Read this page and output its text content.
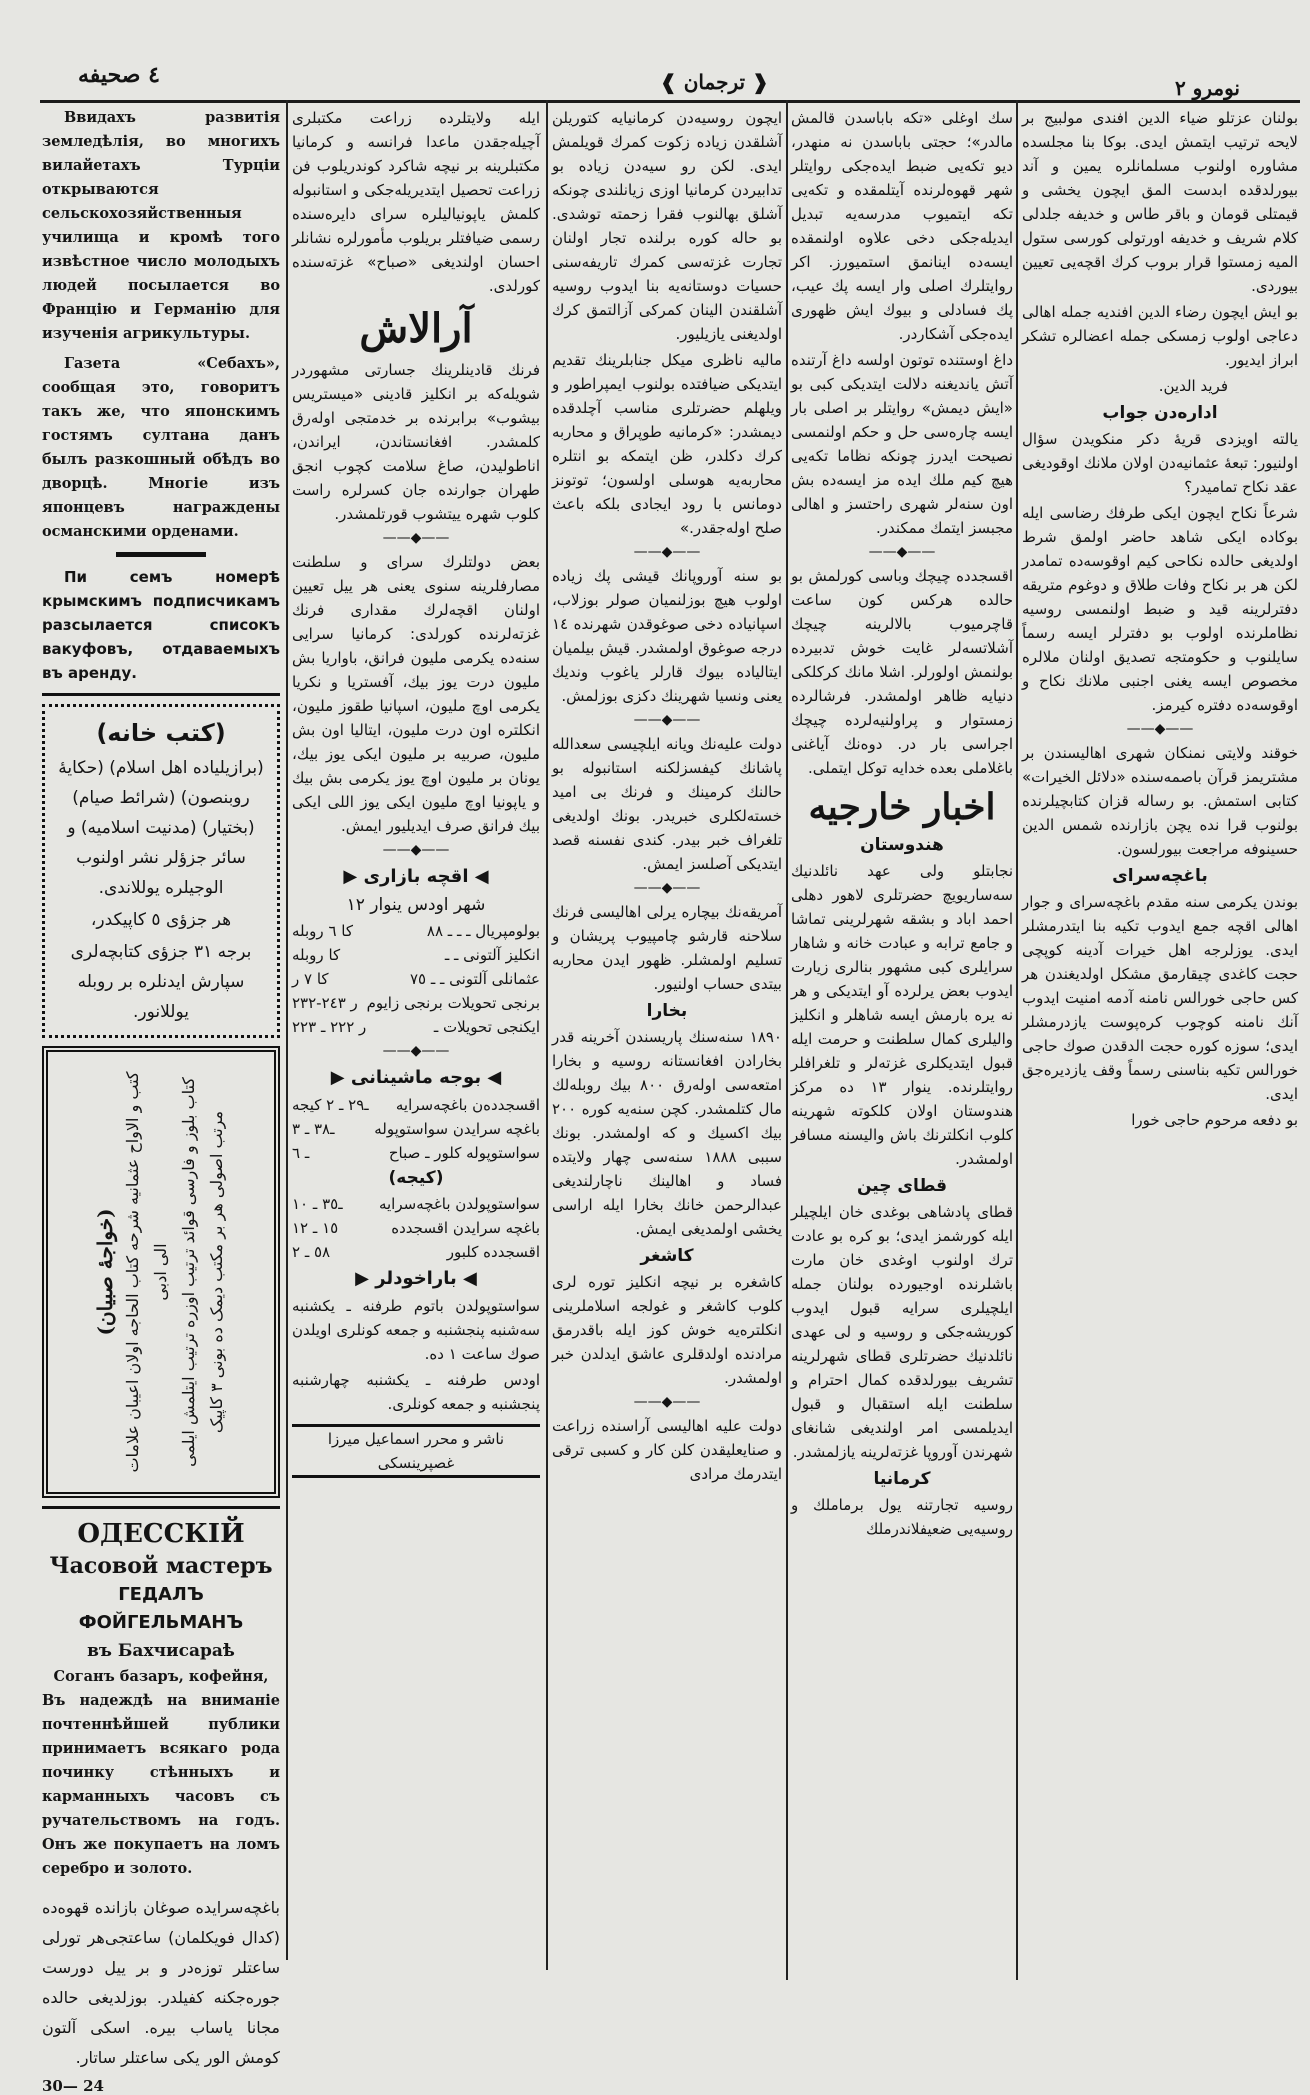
٤ صحیفه	❰ ترجمان ❱	نومرو ٢

Ввидахъ развитія земледѣлія, во многихъ вилайетахъ Турціи открываются сельскохозяйственныя училища и кромѣ того извѣстное число молодыхъ людей посылается во Францію и Германію для изученія агрикультуры.

Газета «Себахъ», сообщая это, говоритъ такъ же, что японскимъ гостямъ султана данъ былъ разкошный обѣдъ во дворцѣ. Многіе изъ японцевъ награждены османскими орденами.

Пи семъ номерѣ крымскимъ подписчикамъ разсылается списокъ вакуфовъ, отдаваемыхъ въ аренду.

(کتب خانه)

(برازیلیاده اهل اسلام) (حکایهٔ روبنصون) (شرائط صیام) (بختیار) (مدنیت اسلامیه) و سائر جزؤلر نشر اولنوب الوجیلره یوللاندی.

هر جزؤی ٥ کاپیکدر،

برجه ٣١ جزؤی کتابچه‌لری سپارش ایدنلره بر روبله یوللانور.

(خواجهٔ صبیان) کتب و الاواح عثمانیه شرحه کتاب الحاجه اولان اعیبان علامات الی ادبی کتاب بلوز و فارسی قوائد ترتیب اوزره ترتیب ایتلمش ایلمی مرتب اصولی هر بر مکتب دیمک ده بونی ٣ کاپیک
ОДЕССКІЙ
Часовой мастеръ
ГЕДАЛЪ ФОЙГЕЛЬМАНЪ
въ Бахчисараѣ
Соганъ базаръ, кофейня,
Въ надеждѣ на вниманіе почтеннѣйшей публики принимаетъ всякаго рода починку стѣнныхъ и карманныхъ часовъ съ ручательствомъ на годъ. Онъ же покупаетъ на ломъ серебро и золото.
باغچه‌سرایده صوغان بازانده قهوه‌ده (کدال فویکلمان) ساعتجی‌هر تورلی ساعتلر توزه‌در و بر ییل دورست جوره‌جکنه کفیلدر. بوزلدیغی حالده مجانا یاساب بیره. اسکی آلتون کومش الور یکی ساعتلر ساتار.
30— 24

ایله ولایتلرده زراعت مکتبلری آچیله‌جقدن ماعدا فرانسه و کرمانیا مکتبلرینه بر نیچه شاکرد کوندریلوب فن زراعت تحصیل ایتدیریله‌جکی و استانبوله کلمش یاپونیالیلره سرای دایره‌سنده رسمی ضیافتلر بریلوب مأمورلره نشانلر احسان اولندیغی «صباح» غزته‌سنده کورلدی.

آرالاش

فرنك قادینلرینك جسارتی مشهوردر شویله‌که بر انکلیز قادینی «میستریس بیشوب» برابرنده بر خدمتجی اوله‌رق کلمشدر. افغانستاندن، ایراندن، اناطولیدن، صاغ سلامت کچوب انجق طهران جوارنده جان کسرلره راست کلوب شهره ییتشوب قورتلمشدر.

——◆——

بعض دولتلرك سرای و سلطنت مصارفلرینه سنوی یعنی هر ییل تعیین اولنان اقچه‌لرك مقداری فرنك غزته‌لرنده کورلدی: کرمانیا سرایی سنه‌ده یکرمی ملیون فرانق، باواریا بش ملیون درت یوز بیك، آفستریا و نکریا یکرمی اوچ ملیون، اسپانیا طقوز ملیون، انکلتره اون درت ملیون، ایتالیا اون بش ملیون، صربیه بر ملیون ایکی یوز بیك، یونان بر ملیون اوچ یوز یکرمی بش بیك و یاپونیا اوچ ملیون ایکی یوز اللی ایکی بیك فرانق صرف ایدیلیور ایمش.

——◆——
◀ اقچه بازاری ▶
شهر اودس ینوار ١٢
بولومپریال ـ ـ ـ ٨٨
کا ٦ روبله
انکلیز آلتونی ـ ـ
کا روبله
عثمانلی آلتونی ـ ـ ٧٥
کا ٧ ر
برنجی تحویلات برنجی زایوم
ر ٢٤٣-٢٣٢
ایکنجی تحویلات ـ
ر ٢٢٢ ـ ٢٢٣
——◆——
◀ بوجه ماشینانی ▶
اقسجدده‌ن باغچه‌سرایه
ـ٢٩ ـ ٢ کیجه
باغچه سرایدن سواستوپوله
ـ٣٨ ـ ٣
سواستوپوله کلور ـ صباح
ـ ٦
(کیجه)
سواستوپولدن باغچه‌سرایه
ـ٣٥ ـ ١٠
باغچه سرایدن اقسجدده
١٥ ـ ١٢
اقسجدده کلبور
٥٨ ـ ٢
◀ باراخودلر ▶

سواستوپولدن باتوم طرفنه ـ یکشنبه سه‌شنبه پنجشنبه و جمعه کونلری اویلدن صوك ساعت ١ ده.

اودس طرفنه ـ یکشنبه چهارشنبه پنجشنبه و جمعه کونلری.

ناشر و محرر اسماعیل میرزا غصپرینسکی

ایچون روسیه‌دن کرمانیایه کتوریلن آشلقدن زیاده زکوت کمرك قویلمش ایدی. لکن رو سیه‌دن زیاده بو تدابیردن کرمانیا اوزی زیانلندی چونکه آشلق بهالنوب فقرا زحمته توشدی. بو حاله کوره برلنده تجار اولنان تجارت غزته‌سی کمرك تاریفه‌سنی حسیات دوستانه‌یه بنا ایدوب روسیه آشلقندن الینان کمرکی آزالتمق کرك اولدیغنی یازیلیور.

مالیه ناظری میکل جنابلرینك تقدیم ایتدیکی ضیافتده بولنوب ایمپراطور و ویلهلم حضرتلری مناسب آچلدقده دیمشدر: «کرمانیه طوپراق و محاربه کرك دکلدر، ظن ایتمکه بو انتلره محاربه‌یه هوسلی اولسون؛ توتونز دومانس با رود ایجادی بلکه باعث صلح اولەجقدر.»

——◆——

بو سنه آوروپانك قیشی پك زیاده اولوب هیچ بوزلنمیان صولر بوزلاب، اسپانیاده دخی صوغوقدن شهرنده ١٤ درجه صوغوق اولمشدر. قیش بیلمیان ایتالیاده بیوك قارلر یاغوب وندیك یعنی ونسیا شهرینك دکزی بوزلمش.

——◆——

دولت علیه‌نك ویانه ایلچیسی سعدالله پاشانك کیفسزلکنه استانبوله بو حالنك کرمینك و فرنك بی امید خسته‌لکلری خبریدر. بونك اولدیغی تلغراف خبر بیدر. کندی نفسنه قصد ایتدیکی آصلسز ایمش.

——◆——

آمریقه‌نك بیچاره یرلی اهالیسی فرنك سلاحنه قارشو چامپیوب پریشان و تسلیم اولمشلر. ظهور ایدن محاربه بیتدی حساب اولنیور.

بخارا

١٨٩٠ سنه‌سنك پاریسندن آخرینه قدر بخارادن افغانستانه روسیه و بخارا امتعه‌سی اوله‌رق ٨٠٠ بیك روبله‌لك مال کتلمشدر. کچن سنه‌یه کوره ٢٠٠ بیك اکسیك و که اولمشدر. بونك سببی ١٨٨٨ سنه‌سی چهار ولایتده فساد و اهالینك ناچارلندیغی عبدالرحمن خانك بخارا ایله اراسی یخشی اولمدیغی ایمش.

کاشغر

کاشغره بر نیچه انکلیز توره لری کلوب کاشغر و غولجه اسلاملرینی انکلتره‌یه خوش کوز ایله باقدرمق مرادنده اولدقلری عاشق ایدلدن خبر اولمشدر.

——◆——

دولت علیه اهالیسی آراسنده زراعت و صنایعلیقدن کلن کار و کسبی ترقی ایتدرمك مرادی

سك اوغلی «تکه باباسدن قالمش مالدر»؛ حجتی باباسدن نه منهدر، دیو تکه‌یی ضبط ایده‌جکی روایتلر شهر قهوه‌لرنده آیتلمقده و تکه‌یی تکه ایتمیوب مدرسه‌یه تبدیل ایدیله‌جکی دخی علاوه اولنمقده ایسه‌ده اینانمق استمیورز. اکر روایتلرك اصلی وار ایسه پك عیب، پك فسادلی و بیوك ایش ظهوری ایده‌جکی آشکاردر.

داغ اوستنده توتون اولسه داغ آرتنده آتش یاندیغنه دلالت ایتدیکی کبی بو «ایش دیمش» روایتلر بر اصلی بار ایسه چاره‌سی حل و حکم اولنمسی نصیحت ایدرز چونکه نظاما تکه‌یی هیچ کیم ملك ایده مز ایسه‌ده بش اون سنه‌لر شهری راحتسز و اهالی مجبسز ایتمك ممکندر.

——◆——

اقسجدده چیچك وباسی کورلمش بو حالده هرکس کون ساعت قاچرمیوب بالالرینه چیچك آشلاتسه‌لر غایت خوش تدبیرده بولنمش اولورلر. اشلا مانك کرکلکی دنیایه ظاهر اولمشدر. فرشالرده زمستوار و پراولنیه‌لرده چیچك اجراسی بار در. دوەنك آیاغنی باغلاملی بعده خدایه توکل ایتملی.

اخبار خارجیه
هندوستان

نجابتلو ولی عهد نائلدنیك سه‌ساریویچ حضرتلری لاهور دهلی احمد اباد و بشقه شهرلرینی تماشا و جامع ترابه و عبادت خانه و شاهار سرایلری کبی مشهور بنالری زیارت ایدوب بعض یرلرده آو ایتدیکی و هر نه یره بارمش ایسه شاهلر و انکلیز والیلری کمال سلطنت و حرمت ایله قبول ایتدیکلری غزته‌لر و تلغرافلر روایتلرنده. ینوار ١٣ ده مرکز هندوستان اولان کلکوته شهرینه کلوب انکلترنك باش والیسنه مسافر اولمشدر.

قطای چین

قطای پادشاهی بوغدی خان ایلچیلر ایله کورشمز ایدی؛ بو کره بو عادت ترك اولنوب اوغدی خان مارت باشلرنده اوجیورده بولنان جمله ایلچیلری سرایه قبول ایدوب کوریشه‌جکی و روسیه و لی عهدی نائلدنیك حضرتلری قطای شهرلرینه تشریف بیورلدقده کمال احترام و سلطنت ایله استقبال و قبول ایدیلمسی امر اولندیغی شانغای شهرندن آوروپا غزته‌لرینه یازلمشدر.

کرمانیا

روسیه تجارتنه یول برماملك و روسیه‌یی ضعیفلاندرملك

بولنان عزتلو ضیاء الدین افندی مولبیج بر لایحه ترتیب ایتمش ایدی. بوکا بنا مجلسده مشاوره اولنوب مسلمانلره یمین و آند بیورلدقده ابدست المق ایچون یخشی و قیمتلی قومان و باقر طاس و خدیفه جلدلی کلام شریف و خدیفه اورتولی کورسی ستول المیه زمستوا قرار بروب کرك اقچه‌یی تعیین بیوردی.

بو ایش ایچون رضاء الدین افندیه جمله اهالی دعاجی اولوب زمسکی جمله اعضالره تشکر ابراز ایدیور.

فرید الدین.

ادارەدن جواب

یالته اویزدی قریهٔ دکر منکویدن سؤال اولنیور: تبعهٔ عثمانیه‌دن اولان ملانك اوقودیغی عقد نکاح تمامیدر؟

شرعاً نکاح ایچون ایکی طرفك رضاسی ایله بوکاده ایکی شاهد حاضر اولمق شرط اولدیغی حالده نکاحی کیم اوقوسه‌ده تمامدر لکن هر بر نکاح وفات طلاق و دوغوم متریقه دفترلرینه قید و ضبط اولنمسی روسیه نظاملرنده اولوب بو دفترلر ایسه رسماً سایلنوب و حکومتجه تصدیق اولنان ملالره مخصوص ایسه یغنی اجنبی ملانك نکاح و اوقوسه‌ده دفتره کیرمز.

——◆——

خوقند ولایتی نمنکان شهری اهالیسندن بر مشتریمز قرآن باصمه‌سنده «دلائل الخیرات» کتابی استمش. بو رساله قزان کتابچیلرنده بولنوب قرا نده یچن بازارنده شمس الدین حسینوفه مراجعت بیورلسون.

باغچه‌سرای

بوندن یکرمی سنه مقدم باغچه‌سرای و جوار اهالی اقچه جمع ایدوب تکیه بنا ایتدرمشلر ایدی. یوزلرجه اهل خیرات آدینه کوپچی حجت کاغدی چیقارمق مشکل اولدیغندن هر کس حاجی خورالس نامنه آدمه امنیت ایدوب آنك نامنه کوچوب کرەپوست یازدرمشلر ایدی؛ سوزه کوره حجت الدقدن صوك حاجی خورالس تکیه بناسنی رسماً وقف یازدیرەجق ایدی.

بو دفعه مرحوم حاجی خورا
